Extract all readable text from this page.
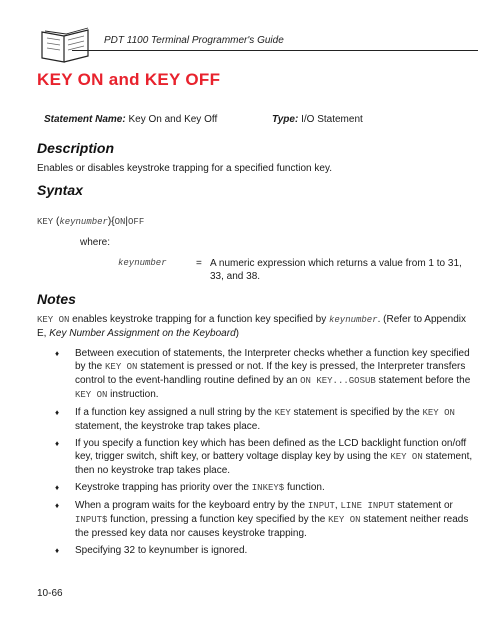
PDT 1100 Terminal Programmer's Guide
KEY ON and KEY OFF
Statement Name: Key On and Key Off	Type: I/O Statement
Description

Enables or disables keystroke trapping for a specified function key.

Syntax

KEY (keynumber){ON|OFF

where:

keynumber	= A numeric expression which returns a value from 1 to 31, 33, and 38.
Notes

KEY ON enables keystroke trapping for a function key specified by keynumber. (Refer to Appendix E, Key Number Assignment on the Keyboard)

♦ Between execution of statements, the Interpreter checks whether a function key specified by the KEY ON statement is pressed or not. If the key is pressed, the Interpreter transfers control to the event-handling routine defined by an ON KEY...GOSUB statement before the KEY ON instruction.
♦ If a function key assigned a null string by the KEY statement is specified by the KEY ON statement, the keystroke trap takes place.
♦ If you specify a function key which has been defined as the LCD backlight function on/off key, trigger switch, shift key, or battery voltage display key by using the KEY ON statement, then no keystroke trap takes place.
♦ Keystroke trapping has priority over the INKEY$ function.
♦ When a program waits for the keyboard entry by the INPUT, LINE INPUT statement or INPUT$ function, pressing a function key specified by the KEY ON statement neither reads the pressed key data nor causes keystroke trapping.
♦ Specifying 32 to keynumber is ignored.
10-66
